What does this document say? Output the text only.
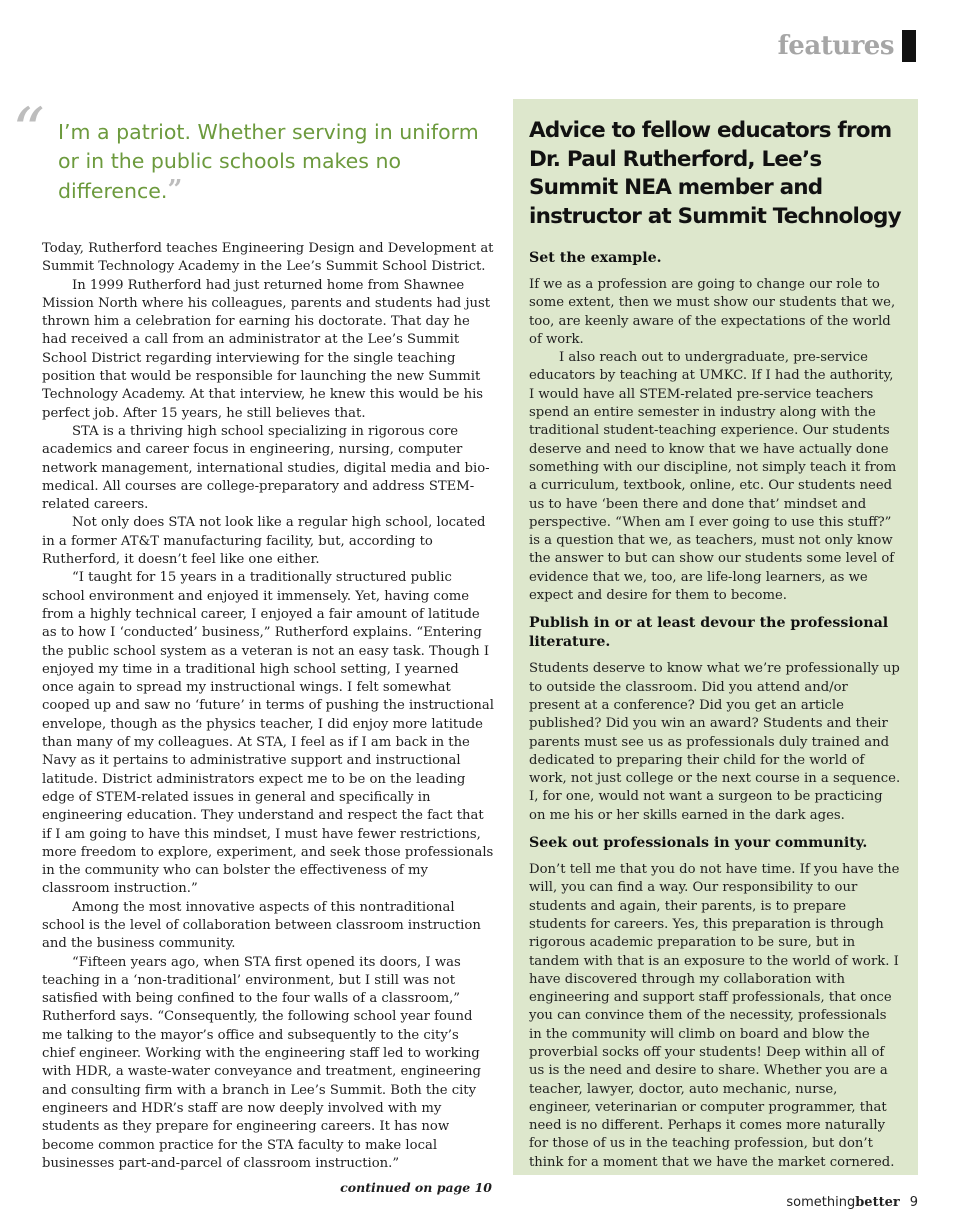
features
“ I’m a patriot. Whether serving in uniform or in the public schools makes no difference.”

Today, Rutherford teaches Engineering Design and Development at Summit Technology Academy in the Lee’s Summit School District.

In 1999 Rutherford had just returned home from Shawnee Mission North where his colleagues, parents and students had just thrown him a celebration for earning his doctorate. That day he had received a call from an administrator at the Lee’s Summit School District regarding interviewing for the single teaching position that would be responsible for launching the new Summit Technology Academy. At that interview, he knew this would be his perfect job. After 15 years, he still believes that.

STA is a thriving high school specializing in rigorous core academics and career focus in engineering, nursing, computer network management, international studies, digital media and bio-medical. All courses are college-preparatory and address STEM-related careers.

Not only does STA not look like a regular high school, located in a former AT&T manufacturing facility, but, according to Rutherford, it doesn’t feel like one either.

“I taught for 15 years in a traditionally structured public school environment and enjoyed it immensely. Yet, having come from a highly technical career, I enjoyed a fair amount of latitude as to how I ‘conducted’ business,” Rutherford explains. “Entering the public school system as a veteran is not an easy task. Though I enjoyed my time in a traditional high school setting, I yearned once again to spread my instructional wings. I felt somewhat cooped up and saw no ‘future’ in terms of pushing the instructional envelope, though as the physics teacher, I did enjoy more latitude than many of my colleagues. At STA, I feel as if I am back in the Navy as it pertains to administrative support and instructional latitude. District administrators expect me to be on the leading edge of STEM-related issues in general and specifically in engineering education. They understand and respect the fact that if I am going to have this mindset, I must have fewer restrictions, more freedom to explore, experiment, and seek those professionals in the community who can bolster the effectiveness of my classroom instruction.”

Among the most innovative aspects of this nontraditional school is the level of collaboration between classroom instruction and the business community.

“Fifteen years ago, when STA first opened its doors, I was teaching in a ‘non-traditional’ environment, but I still was not satisfied with being confined to the four walls of a classroom,” Rutherford says. “Consequently, the following school year found me talking to the mayor’s office and subsequently to the city’s chief engineer. Working with the engineering staff led to working with HDR, a waste-water conveyance and treatment, engineering and consulting firm with a branch in Lee’s Summit. Both the city engineers and HDR’s staff are now deeply involved with my students as they prepare for engineering careers. It has now become common practice for the STA faculty to make local businesses part-and-parcel of classroom instruction.”

continued on page 10
Advice to fellow educators from Dr. Paul Rutherford, Lee’s Summit NEA member and instructor at Summit Technology
Set the example.

If we as a profession are going to change our role to some extent, then we must show our students that we, too, are keenly aware of the expectations of the world of work.

I also reach out to undergraduate, pre-service educators by teaching at UMKC. If I had the authority, I would have all STEM-related pre-service teachers spend an entire semester in industry along with the traditional student-teaching experience. Our students deserve and need to know that we have actually done something with our discipline, not simply teach it from a curriculum, textbook, online, etc. Our students need us to have ‘been there and done that’ mindset and perspective. “When am I ever going to use this stuff?” is a question that we, as teachers, must not only know the answer to but can show our students some level of evidence that we, too, are life-long learners, as we expect and desire for them to become.

Publish in or at least devour the professional literature.

Students deserve to know what we’re professionally up to outside the classroom. Did you attend and/or present at a conference? Did you get an article published? Did you win an award? Students and their parents must see us as professionals duly trained and dedicated to preparing their child for the world of work, not just college or the next course in a sequence. I, for one, would not want a surgeon to be practicing on me his or her skills earned in the dark ages.

Seek out professionals in your community.

Don’t tell me that you do not have time. If you have the will, you can find a way. Our responsibility to our students and again, their parents, is to prepare students for careers. Yes, this preparation is through rigorous academic preparation to be sure, but in tandem with that is an exposure to the world of work. I have discovered through my collaboration with engineering and support staff professionals, that once you can convince them of the necessity, professionals in the community will climb on board and blow the proverbial socks off your students! Deep within all of us is the need and desire to share. Whether you are a teacher, lawyer, doctor, auto mechanic, nurse, engineer, veterinarian or computer programmer, that need is no different. Perhaps it comes more naturally for those of us in the teaching profession, but don’t think for a moment that we have the market cornered.

somethingbetter 9
